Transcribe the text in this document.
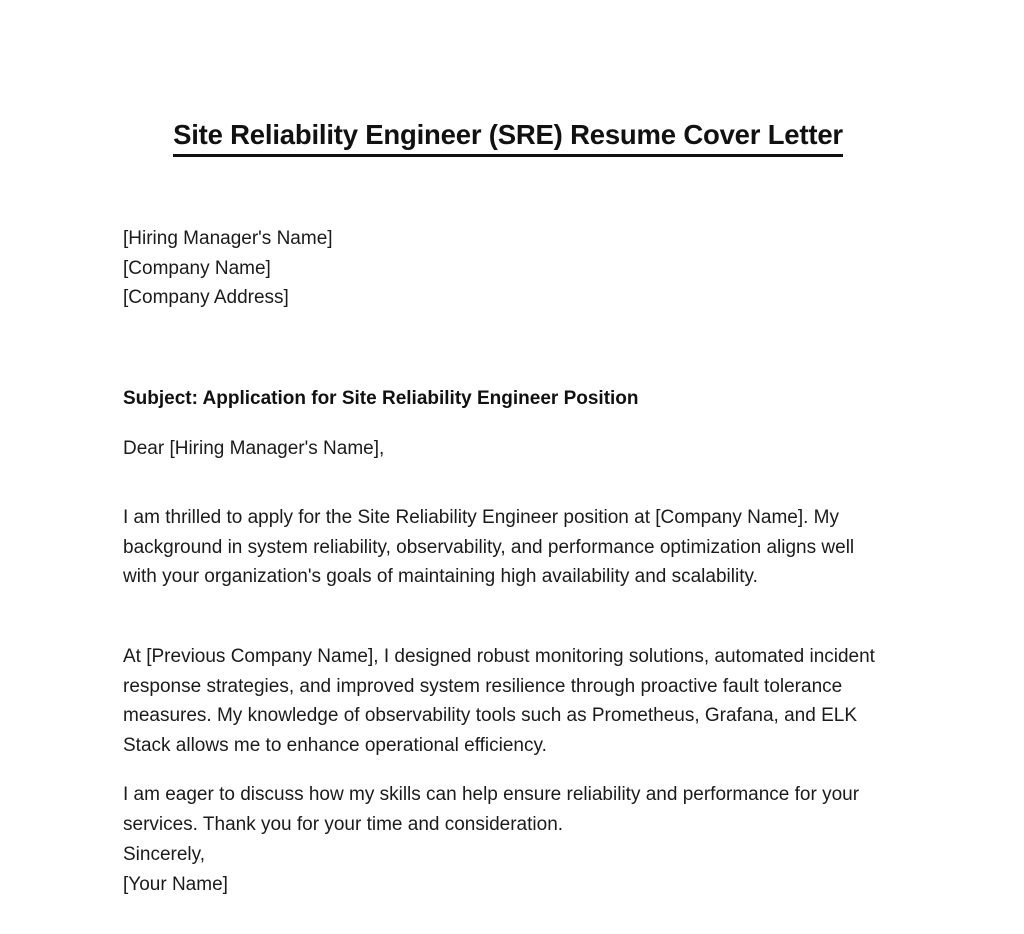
Site Reliability Engineer (SRE) Resume Cover Letter
[Hiring Manager's Name]
[Company Name]
[Company Address]
Subject: Application for Site Reliability Engineer Position
Dear [Hiring Manager's Name],

I am thrilled to apply for the Site Reliability Engineer position at [Company Name]. My background in system reliability, observability, and performance optimization aligns well with your organization's goals of maintaining high availability and scalability.

At [Previous Company Name], I designed robust monitoring solutions, automated incident response strategies, and improved system resilience through proactive fault tolerance measures. My knowledge of observability tools such as Prometheus, Grafana, and ELK Stack allows me to enhance operational efficiency.

I am eager to discuss how my skills can help ensure reliability and performance for your services. Thank you for your time and consideration.

Sincerely,
[Your Name]
